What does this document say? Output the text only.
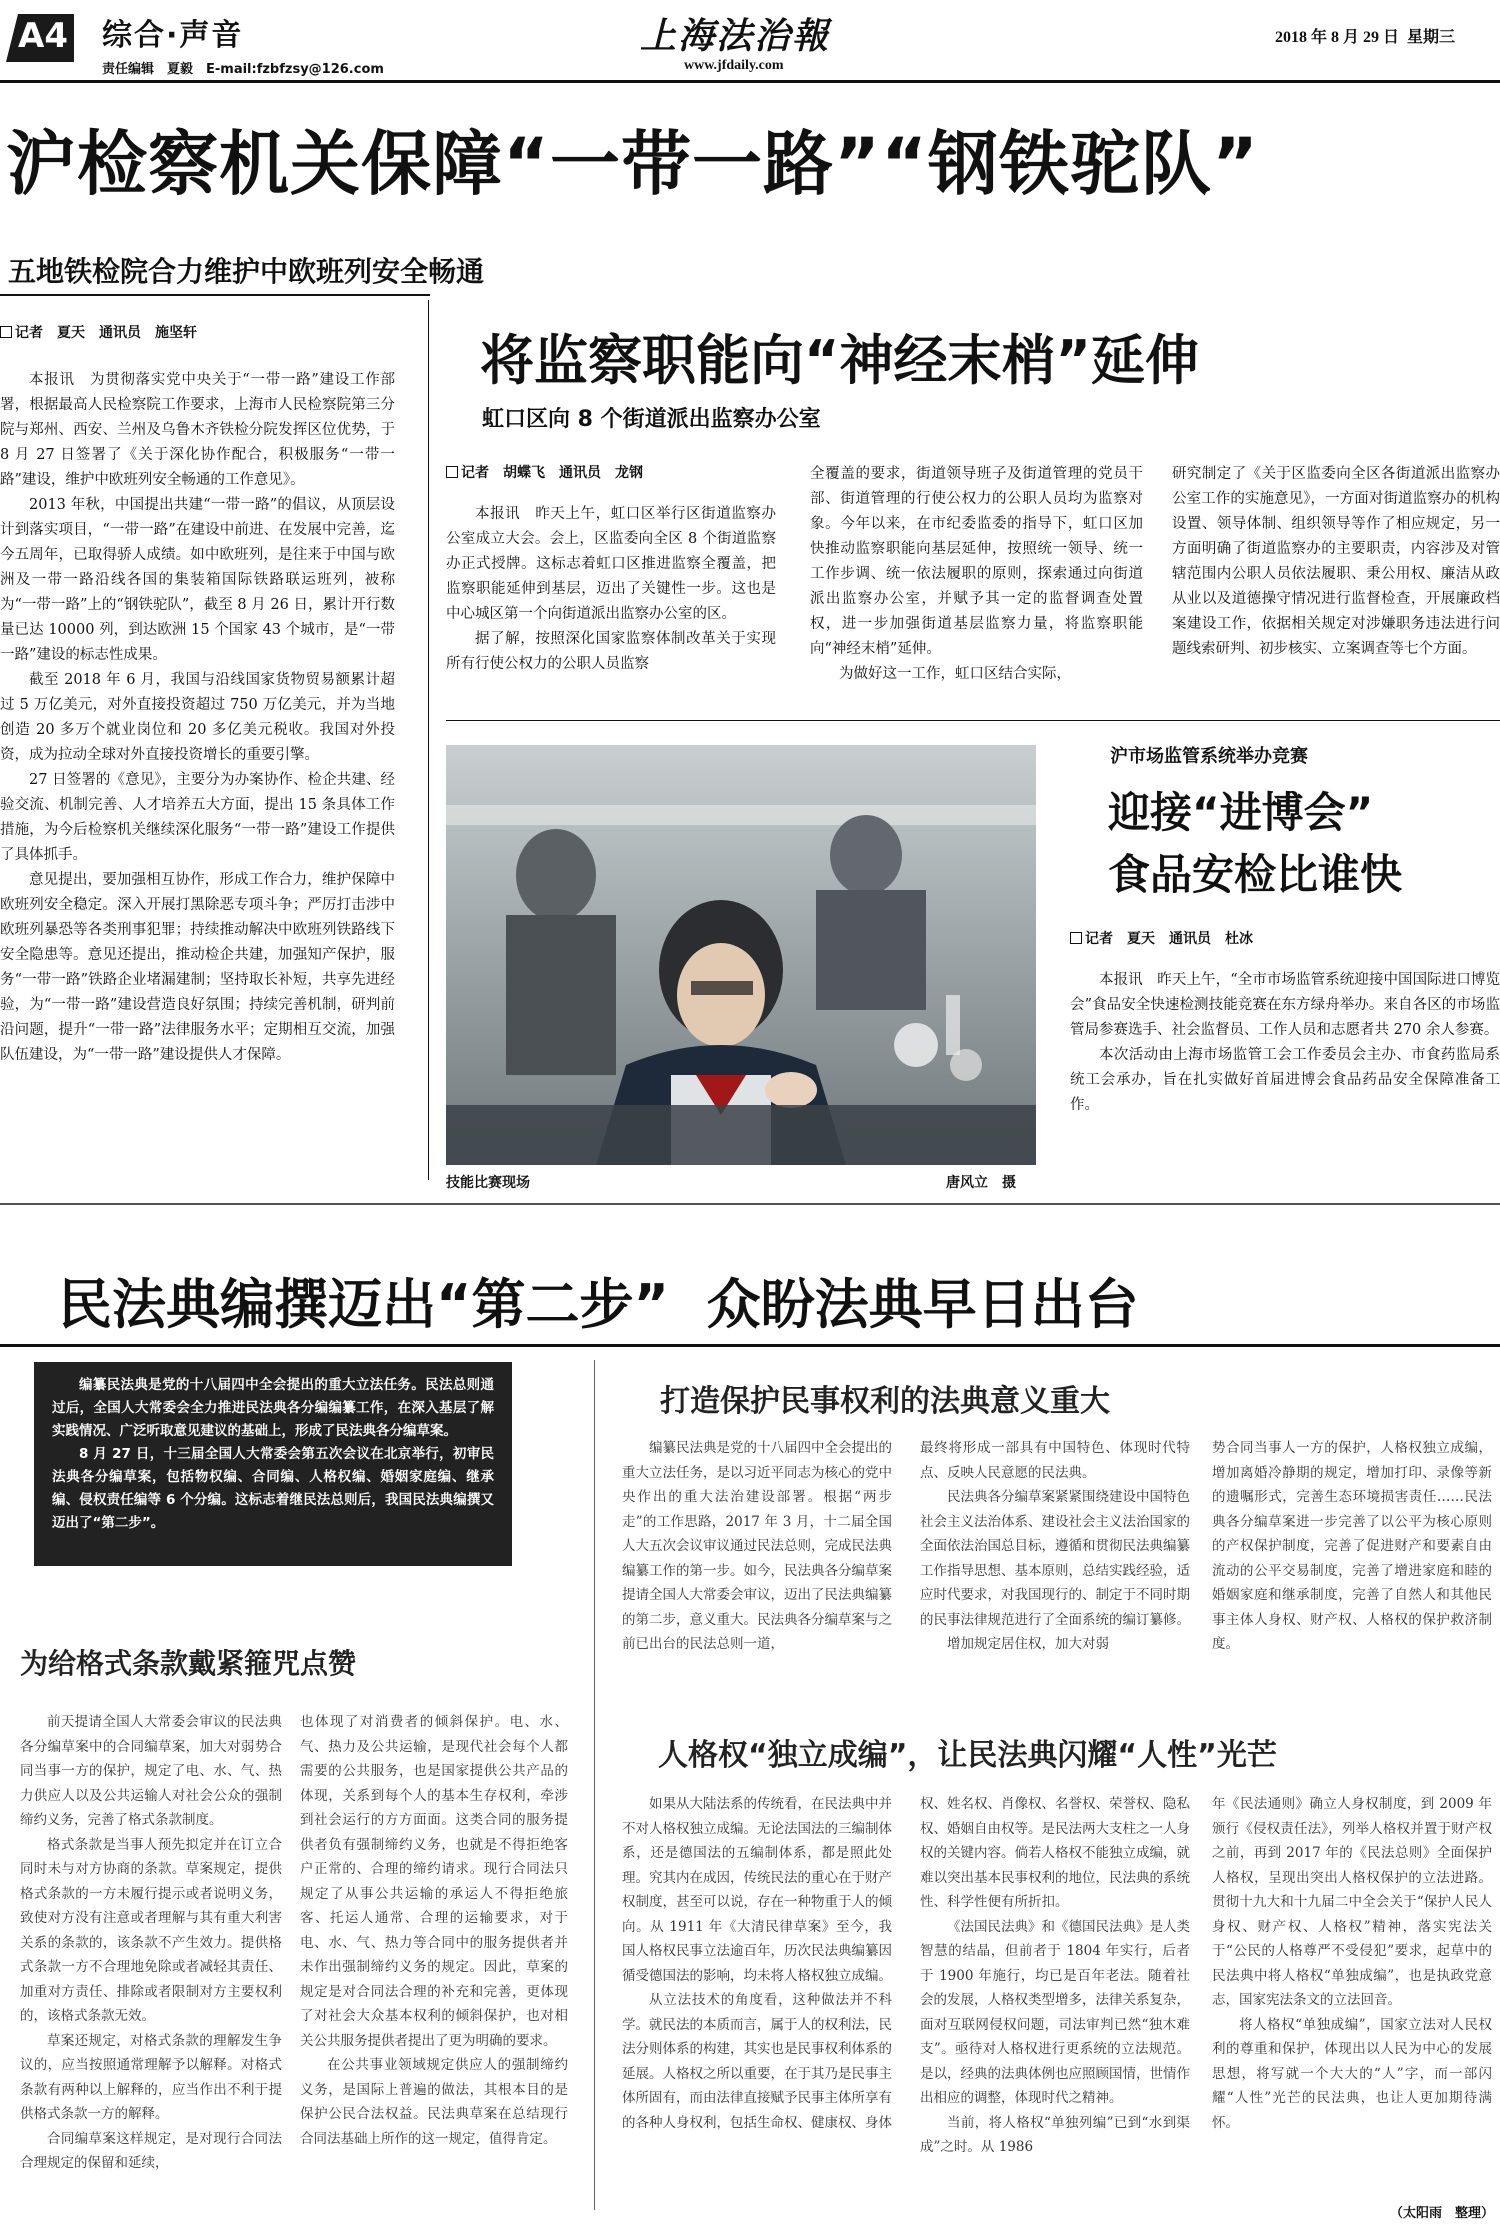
A4 综合·声音
责任编辑　夏毅　E-mail:fzbfzsy@126.com
上海法治報
www.jfdaily.com
2018 年 8 月 29 日 星期三
沪检察机关保障“一带一路”“钢铁驼队”
五地铁检院合力维护中欧班列安全畅通
记者　夏天　通讯员　施坚轩

本报讯　为贯彻落实党中央关于“一带一路”建设工作部署，根据最高人民检察院工作要求，上海市人民检察院第三分院与郑州、西安、兰州及乌鲁木齐铁检分院发挥区位优势，于 8 月 27 日签署了《关于深化协作配合，积极服务“一带一路”建设，维护中欧班列安全畅通的工作意见》。

2013 年秋，中国提出共建“一带一路”的倡议，从顶层设计到落实项目，“一带一路”在建设中前进、在发展中完善，迄今五周年，已取得骄人成绩。如中欧班列，是往来于中国与欧洲及一带一路沿线各国的集装箱国际铁路联运班列，被称为“一带一路”上的“钢铁驼队”，截至 8 月 26 日，累计开行数量已达 10000 列，到达欧洲 15 个国家 43 个城市，是“一带一路”建设的标志性成果。

截至 2018 年 6 月，我国与沿线国家货物贸易额累计超过 5 万亿美元，对外直接投资超过 750 万亿美元，并为当地创造 20 多万个就业岗位和 20 多亿美元税收。我国对外投资，成为拉动全球对外直接投资增长的重要引擎。

27 日签署的《意见》，主要分为办案协作、检企共建、经验交流、机制完善、人才培养五大方面，提出 15 条具体工作措施，为今后检察机关继续深化服务“一带一路”建设工作提供了具体抓手。

意见提出，要加强相互协作，形成工作合力，维护保障中欧班列安全稳定。深入开展打黑除恶专项斗争；严厉打击涉中欧班列暴恐等各类刑事犯罪；持续推动解决中欧班列铁路线下安全隐患等。意见还提出，推动检企共建，加强知产保护，服务“一带一路”铁路企业堵漏建制；坚持取长补短，共享先进经验，为“一带一路”建设营造良好氛围；持续完善机制，研判前沿问题，提升“一带一路”法律服务水平；定期相互交流，加强队伍建设，为“一带一路”建设提供人才保障。

将监察职能向“神经末梢”延伸
虹口区向 8 个街道派出监察办公室
记者　胡蝶飞　通讯员　龙钢

本报讯　昨天上午，虹口区举行区街道监察办公室成立大会。会上，区监委向全区 8 个街道监察办正式授牌。这标志着虹口区推进监察全覆盖，把监察职能延伸到基层，迈出了关键性一步。这也是中心城区第一个向街道派出监察办公室的区。

据了解，按照深化国家监察体制改革关于实现所有行使公权力的公职人员监察

全覆盖的要求，街道领导班子及街道管理的党员干部、街道管理的行使公权力的公职人员均为监察对象。今年以来，在市纪委监委的指导下，虹口区加快推动监察职能向基层延伸，按照统一领导、统一工作步调、统一依法履职的原则，探索通过向街道派出监察办公室，并赋予其一定的监督调查处置权，进一步加强街道基层监察力量，将监察职能向“神经末梢”延伸。

为做好这一工作，虹口区结合实际，

研究制定了《关于区监委向全区各街道派出监察办公室工作的实施意见》，一方面对街道监察办的机构设置、领导体制、组织领导等作了相应规定，另一方面明确了街道监察办的主要职责，内容涉及对管辖范围内公职人员依法履职、秉公用权、廉洁从政从业以及道德操守情况进行监督检查，开展廉政档案建设工作，依据相关规定对涉嫌职务违法进行问题线索研判、初步核实、立案调查等七个方面。

技能比赛现场	唐风立　摄
沪市场监管系统举办竞赛
迎接“进博会”
食品安检比谁快
记者　夏天　通讯员　杜冰

本报讯　昨天上午，“全市市场监管系统迎接中国国际进口博览会”食品安全快速检测技能竞赛在东方绿舟举办。来自各区的市场监管局参赛选手、社会监督员、工作人员和志愿者共 270 余人参赛。

本次活动由上海市场监管工会工作委员会主办、市食药监局系统工会承办，旨在扎实做好首届进博会食品药品安全保障准备工作。

民法典编撰迈出“第二步”  众盼法典早日出台

编纂民法典是党的十八届四中全会提出的重大立法任务。民法总则通过后，全国人大常委会全力推进民法典各分编编纂工作，在深入基层了解实践情况、广泛听取意见建议的基础上，形成了民法典各分编草案。

8 月 27 日，十三届全国人大常委会第五次会议在北京举行，初审民法典各分编草案，包括物权编、合同编、人格权编、婚姻家庭编、继承编、侵权责任编等 6 个分编。这标志着继民法总则后，我国民法典编撰又迈出了“第二步”。

为给格式条款戴紧箍咒点赞

前天提请全国人大常委会审议的民法典各分编草案中的合同编草案，加大对弱势合同当事一方的保护，规定了电、水、气、热力供应人以及公共运输人对社会公众的强制缔约义务，完善了格式条款制度。

格式条款是当事人预先拟定并在订立合同时未与对方协商的条款。草案规定，提供格式条款的一方未履行提示或者说明义务，致使对方没有注意或者理解与其有重大利害关系的条款的，该条款不产生效力。提供格式条款一方不合理地免除或者减轻其责任、加重对方责任、排除或者限制对方主要权利的，该格式条款无效。

草案还规定，对格式条款的理解发生争议的，应当按照通常理解予以解释。对格式条款有两种以上解释的，应当作出不利于提供格式条款一方的解释。

合同编草案这样规定，是对现行合同法合理规定的保留和延续，

也体现了对消费者的倾斜保护。电、水、气、热力及公共运输，是现代社会每个人都需要的公共服务，也是国家提供公共产品的体现，关系到每个人的基本生存权利，牵涉到社会运行的方方面面。这类合同的服务提供者负有强制缔约义务，也就是不得拒绝客户正常的、合理的缔约请求。现行合同法只规定了从事公共运输的承运人不得拒绝旅客、托运人通常、合理的运输要求，对于电、水、气、热力等合同中的服务提供者并未作出强制缔约义务的规定。因此，草案的规定是对合同法合理的补充和完善，更体现了对社会大众基本权利的倾斜保护，也对相关公共服务提供者提出了更为明确的要求。

在公共事业领域规定供应人的强制缔约义务，是国际上普遍的做法，其根本目的是保护公民合法权益。民法典草案在总结现行合同法基础上所作的这一规定，值得肯定。

打造保护民事权利的法典意义重大

编纂民法典是党的十八届四中全会提出的重大立法任务，是以习近平同志为核心的党中央作出的重大法治建设部署。根据“两步走”的工作思路，2017 年 3 月，十二届全国人大五次会议审议通过民法总则，完成民法典编纂工作的第一步。如今，民法典各分编草案提请全国人大常委会审议，迈出了民法典编纂的第二步，意义重大。民法典各分编草案与之前已出台的民法总则一道，

最终将形成一部具有中国特色、体现时代特点、反映人民意愿的民法典。

民法典各分编草案紧紧围绕建设中国特色社会主义法治体系、建设社会主义法治国家的全面依法治国总目标，遵循和贯彻民法典编纂工作指导思想、基本原则，总结实践经验，适应时代要求，对我国现行的、制定于不同时期的民事法律规范进行了全面系统的编订纂修。

增加规定居住权，加大对弱

势合同当事人一方的保护，人格权独立成编，增加离婚冷静期的规定，增加打印、录像等新的遗嘱形式，完善生态环境损害责任……民法典各分编草案进一步完善了以公平为核心原则的产权保护制度，完善了促进财产和要素自由流动的公平交易制度，完善了增进家庭和睦的婚姻家庭和继承制度，完善了自然人和其他民事主体人身权、财产权、人格权的保护救济制度。

人格权“独立成编”，让民法典闪耀“人性”光芒

如果从大陆法系的传统看，在民法典中并不对人格权独立成编。无论法国法的三编制体系，还是德国法的五编制体系，都是照此处理。究其内在成因，传统民法的重心在于财产权制度，甚至可以说，存在一种物重于人的倾向。从 1911 年《大清民律草案》至今，我国人格权民事立法逾百年，历次民法典编纂因循受德国法的影响，均未将人格权独立成编。

从立法技术的角度看，这种做法并不科学。就民法的本质而言，属于人的权利法，民法分则体系的构建，其实也是民事权利体系的延展。人格权之所以重要，在于其乃是民事主体所固有，而由法律直接赋予民事主体所享有的各种人身权利，包括生命权、健康权、身体

权、姓名权、肖像权、名誉权、荣誉权、隐私权、婚姻自由权等。是民法两大支柱之一人身权的关键内容。倘若人格权不能独立成编，就难以突出基本民事权利的地位，民法典的系统性、科学性便有所折扣。

《法国民法典》和《德国民法典》是人类智慧的结晶，但前者于 1804 年实行，后者于 1900 年施行，均已是百年老法。随着社会的发展，人格权类型增多，法律关系复杂，面对互联网侵权问题，司法审判已然“独木难支”。亟待对人格权进行更系统的立法规范。是以，经典的法典体例也应照顾国情，世情作出相应的调整，体现时代之精神。

当前，将人格权“单独列编”已到“水到渠成”之时。从 1986

年《民法通则》确立人身权制度，到 2009 年颁行《侵权责任法》，列举人格权并置于财产权之前，再到 2017 年的《民法总则》全面保护人格权，呈现出突出人格权保护的立法进路。贯彻十九大和十九届二中全会关于“保护人民人身权、财产权、人格权”精神，落实宪法关于“公民的人格尊严不受侵犯”要求，起草中的民法典中将人格权“单独成编”，也是执政党意志，国家宪法条文的立法回音。

将人格权“单独成编”，国家立法对人民权利的尊重和保护，体现出以人民为中心的发展思想，将写就一个大大的“人”字，而一部闪耀“人性”光芒的民法典，也让人更加期待满怀。

（太阳雨　整理）
